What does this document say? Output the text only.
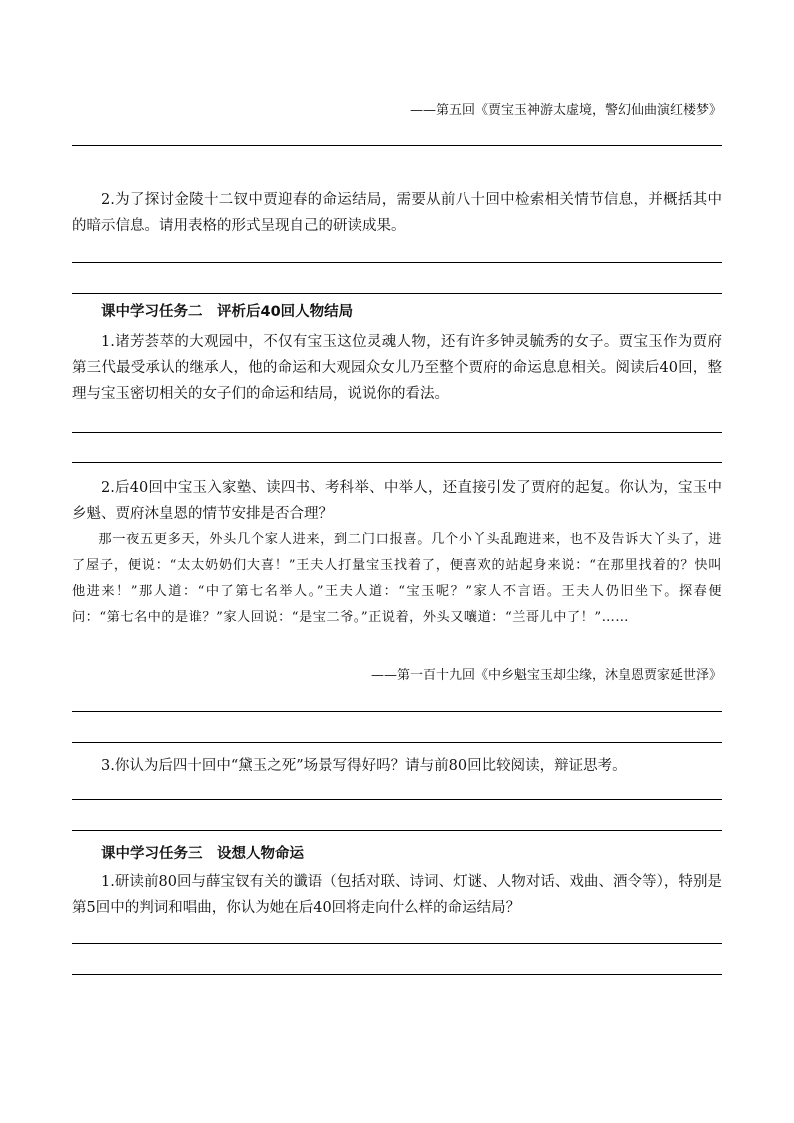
——第五回《贾宝玉神游太虚境，警幻仙曲演红楼梦》
2.为了探讨金陵十二钗中贾迎春的命运结局，需要从前八十回中检索相关情节信息，并概括其中的暗示信息。请用表格的形式呈现自己的研读成果。
课中学习任务二　评析后40回人物结局
1.诸芳荟萃的大观园中，不仅有宝玉这位灵魂人物，还有许多钟灵毓秀的女子。贾宝玉作为贾府第三代最受承认的继承人，他的命运和大观园众女儿乃至整个贾府的命运息息相关。阅读后40回，整理与宝玉密切相关的女子们的命运和结局，说说你的看法。
2.后40回中宝玉入家塾、读四书、考科举、中举人，还直接引发了贾府的起复。你认为，宝玉中乡魁、贾府沐皇恩的情节安排是否合理？
那一夜五更多天，外头几个家人进来，到二门口报喜。几个小丫头乱跑进来，也不及告诉大丫头了，进了屋子，便说：“太太奶奶们大喜！”王夫人打量宝玉找着了，便喜欢的站起身来说：“在那里找着的？快叫他进来！”那人道：“中了第七名举人。”王夫人道：“宝玉呢？”家人不言语。王夫人仍旧坐下。探春便问：“第七名中的是谁？”家人回说：“是宝二爷。”正说着，外头又嚷道：“兰哥儿中了！”……
——第一百十九回《中乡魁宝玉却尘缘，沐皇恩贾家延世泽》
3.你认为后四十回中“黛玉之死”场景写得好吗？请与前80回比较阅读，辩证思考。
课中学习任务三　设想人物命运
1.研读前80回与薛宝钗有关的谶语（包括对联、诗词、灯谜、人物对话、戏曲、酒令等），特别是第5回中的判词和唱曲，你认为她在后40回将走向什么样的命运结局？
